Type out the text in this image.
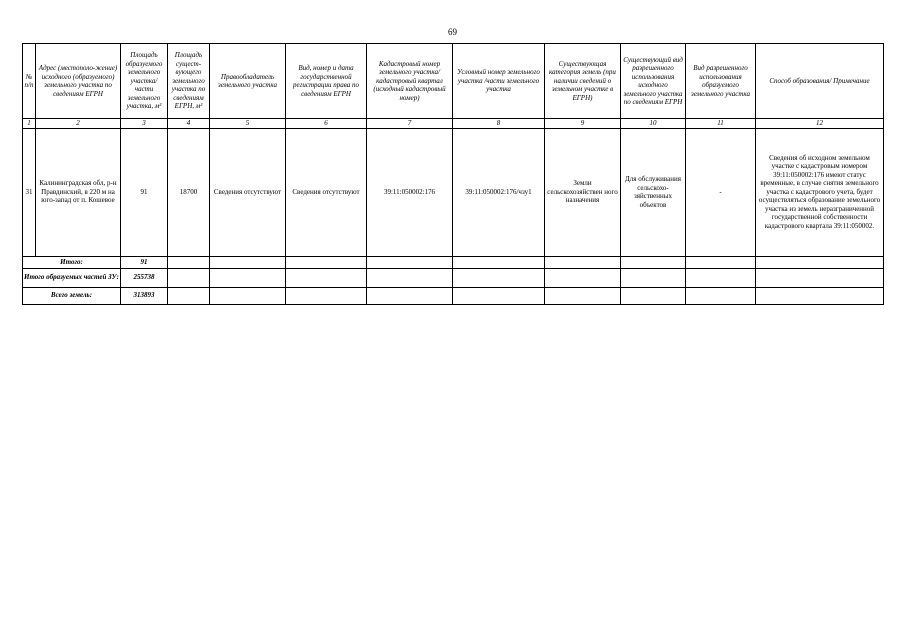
69
№ п/п	Адрес (местополо-жение) исходного (образуемого) земельного участка по сведениям ЕГРН	Площадь образуемого земельного участка/ части земельного участка, м²	Площадь сущест-вующего земельного участка по сведениям ЕГРН, м²	Правообладатель земельного участка	Вид, номер и дата государственной регистрации права по сведениям ЕГРН	Кадастровый номер земельного участка/ кадастровый квартал (исходный кадастровый номер)	Условный номер земельного участка /части земельного участка	Существующая категория земель (при наличии сведений о земельном участке в ЕГРН)	Существующий вид разрешенного использования исходного земельного участка по сведениям ЕГРН	Вид разрешенного использования образуемого земельного участка	Способ образования/ Примечание
1	2	3	4	5	6	7	8	9	10	11	12
31	Калининградская обл, р-н Правдинский, в 220 м на юго-запад от п. Кошевое	91	18700	Сведения отсутствуют	Сведения отсутствуют	39:11:050002:176	39:11:050002:176/чзу1	Земли сельскохозяйствен ного назначения	Для обслуживания сельскохо-зяйственных объектов	-	Сведения об исходном земельном участке с кадастровым номером 39:11:050002:176 имеют статус временные, в случае снятия земельного участка с кадастрового учета, будет осуществляться образование земельного участка из земель неразграниченной государственной собственности кадастрового квартала 39:11:050002.
Итого:		91									
Итого образуемых частей ЗУ:		255738									
Всего земель:		313893									
